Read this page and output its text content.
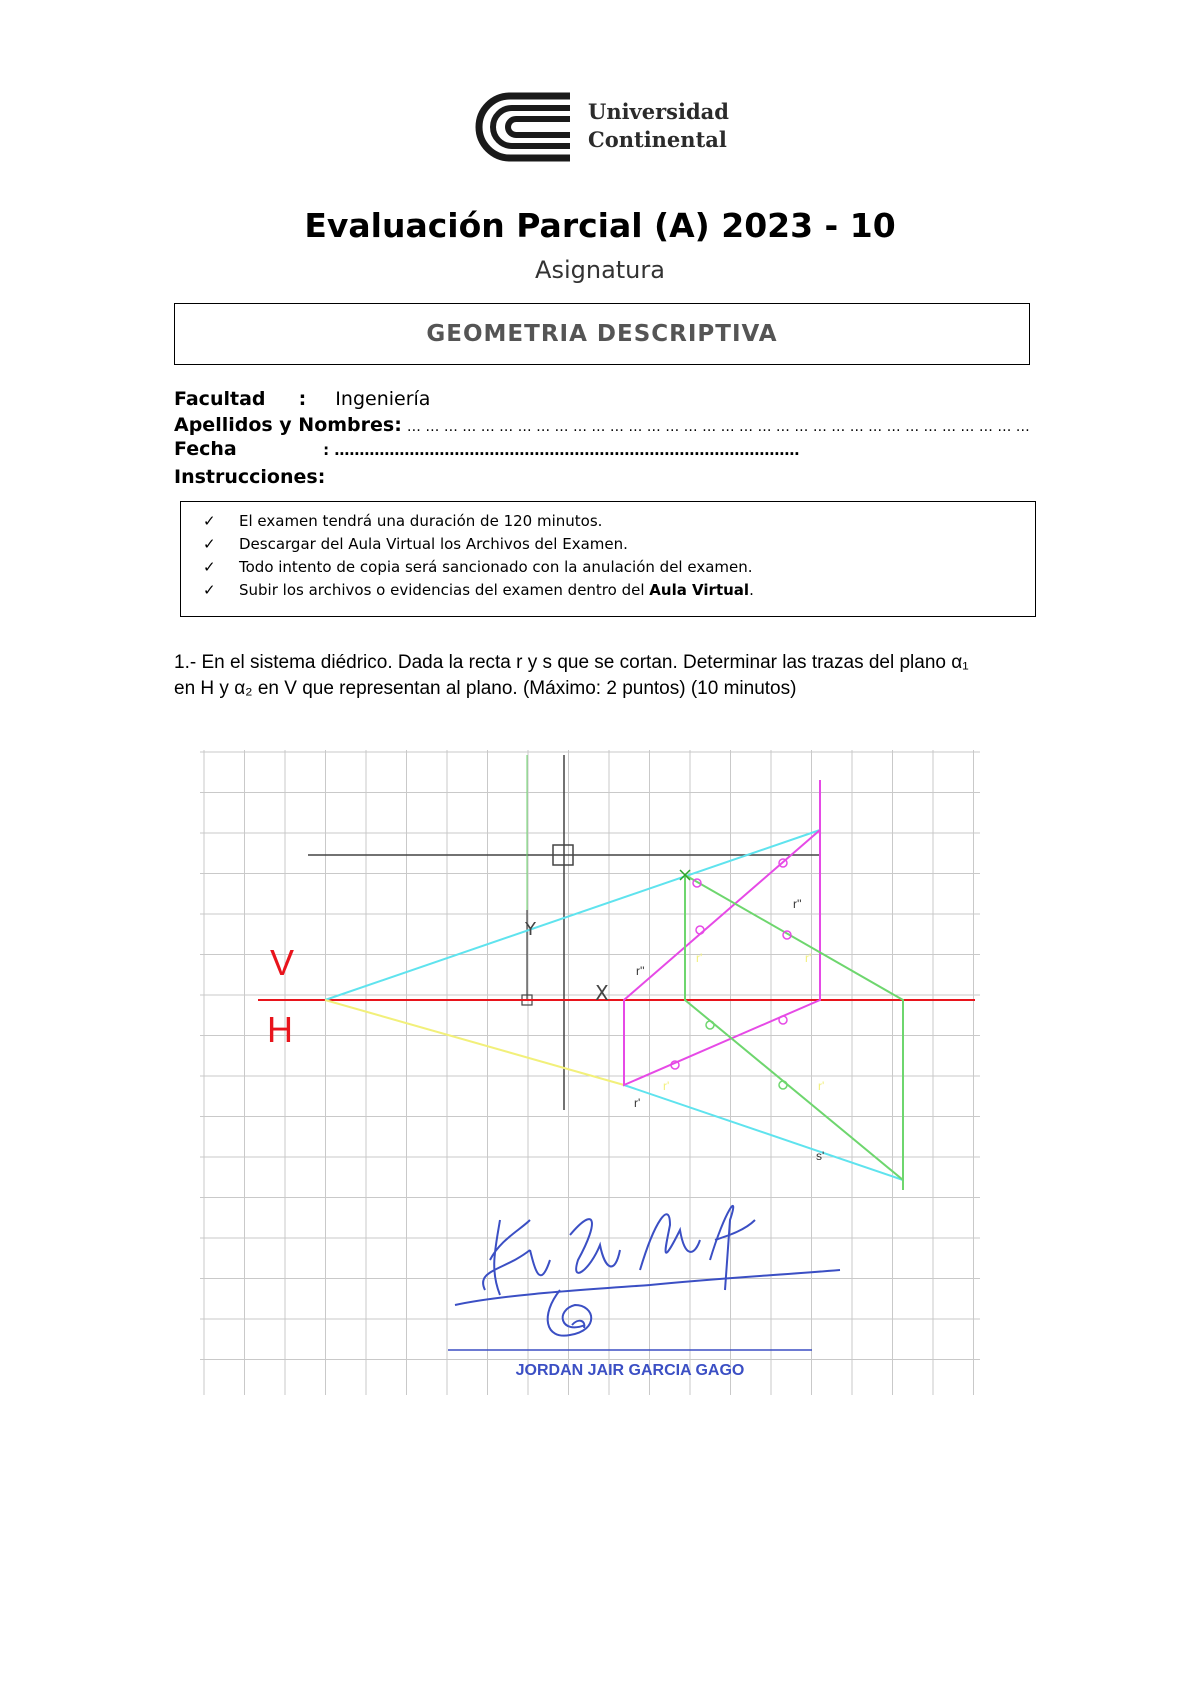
Universidad
Continental
Evaluación Parcial (A) 2023 - 10
Asignatura
GEOMETRIA DESCRIPTIVA
Facultad : Ingeniería
Apellidos y Nombres: … … … … … … … … … … … … … … … … … … … … … … … … … … … … … … … … … …
Fecha	: …………………………………………………………………………………
Instrucciones:
✓	El examen tendrá una duración de 120 minutos.
✓	Descargar del Aula Virtual los Archivos del Examen.
✓	Todo intento de copia será sancionado con la anulación del examen.
✓	Subir los archivos o evidencias del examen dentro del Aula Virtual.
1.- En el sistema diédrico. Dada la recta r y s que se cortan. Determinar las trazas del plano α₁
en H y α₂ en V que representan al plano. (Máximo: 2 puntos) (10 minutos)
V
H
Y
X
r''
r''
r'
s'
r'	r'
r'	r'
JORDAN JAIR GARCIA GAGO
